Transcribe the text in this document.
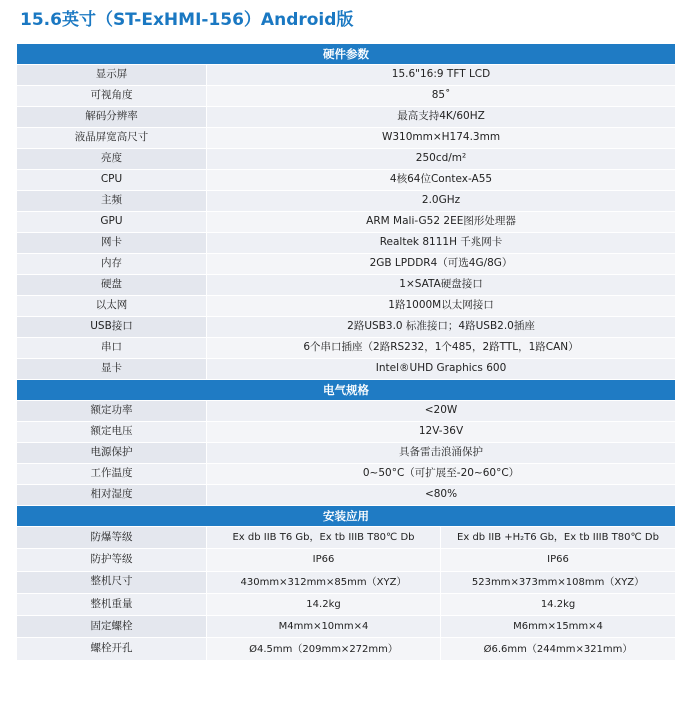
15.6英寸（ST-ExHMI-156）Android版
硬件参数		
显示屏	15.6"16:9 TFT LCD	
可视角度	85˚	
解码分辨率	最高支持4K/60HZ	
液晶屏宽高尺寸	W310mm×H174.3mm	
亮度	250cd/m²	
CPU	4核64位Contex-A55	
主频	2.0GHz	
GPU	ARM Mali-G52 2EE图形处理器	
网卡	Realtek 8111H 千兆网卡	
内存	2GB LPDDR4（可选4G/8G）	
硬盘	1×SATA硬盘接口	
以太网	1路1000M以太网接口	
USB接口	2路USB3.0 标准接口；4路USB2.0插座	
串口	6个串口插座（2路RS232，1个485，2路TTL，1路CAN）	
显卡	Intel®UHD Graphics 600	
电气规格		
额定功率	<20W	
额定电压	12V-36V	
电源保护	具备雷击浪涌保护	
工作温度	0~50°C（可扩展至-20~60°C）	
相对湿度	<80%	
安装应用		
防爆等级	Ex db IIB T6 Gb，Ex tb IIIB T80℃ Db	Ex db IIB +H₂T6 Gb，Ex tb IIIB T80℃ Db
防护等级	IP66	IP66
整机尺寸	430mm×312mm×85mm（XYZ）	523mm×373mm×108mm（XYZ）
整机重量	14.2kg	14.2kg
固定螺栓	M4mm×10mm×4	M6mm×15mm×4
螺栓开孔	Ø4.5mm（209mm×272mm）	Ø6.6mm（244mm×321mm）
